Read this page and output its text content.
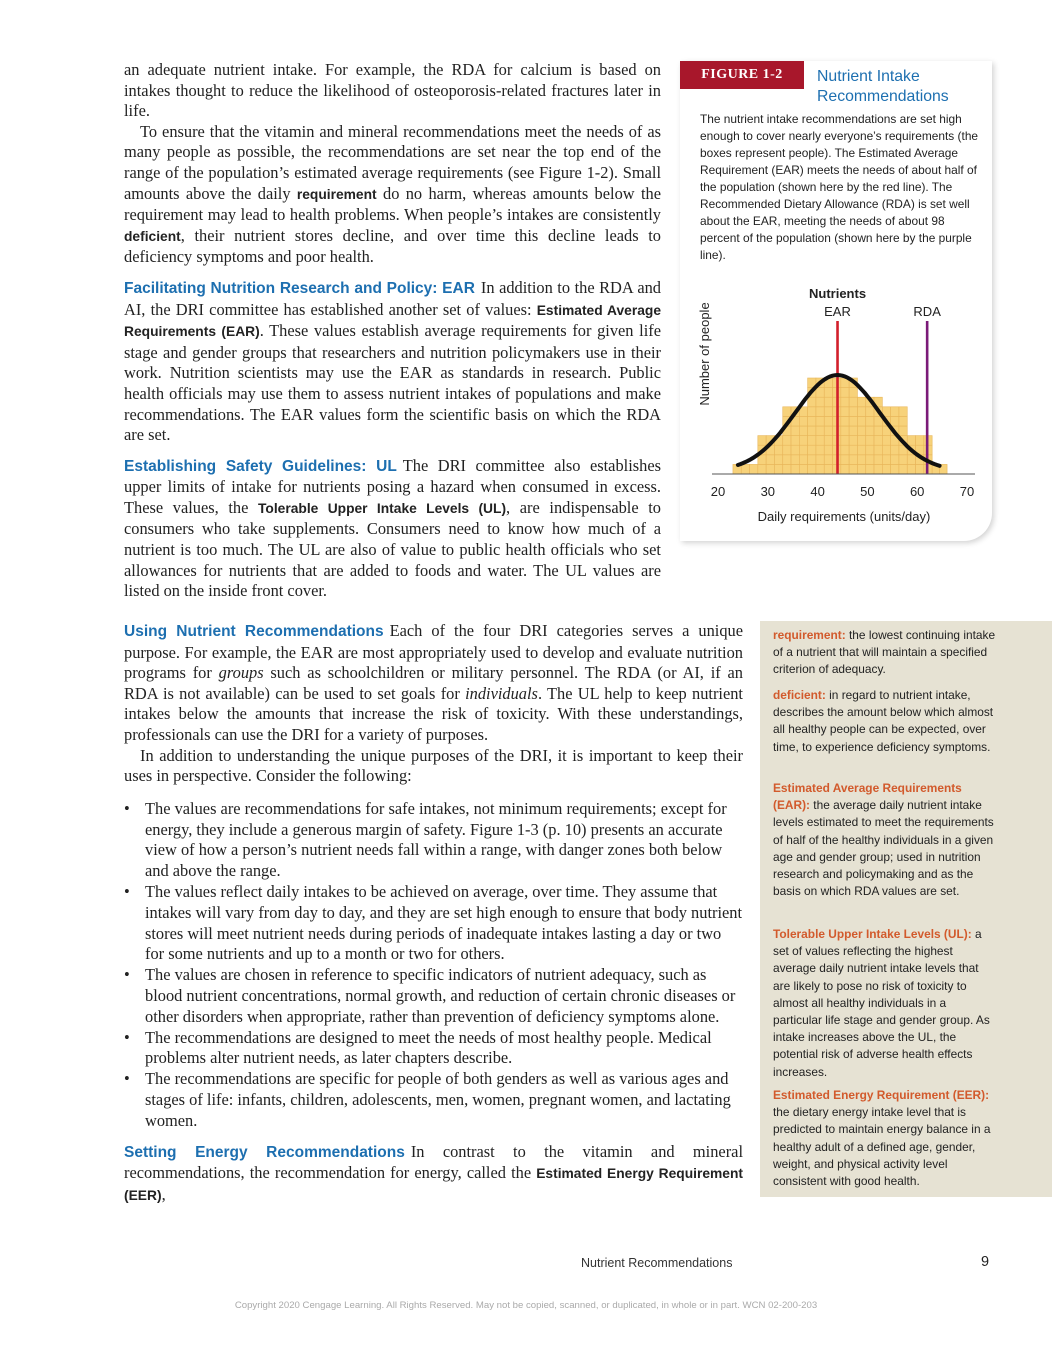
an adequate nutrient intake. For example, the RDA for calcium is based on intakes thought to reduce the likelihood of osteoporosis-related fractures later in life.

To ensure that the vitamin and mineral recommendations meet the needs of as many people as possible, the recommendations are set near the top end of the range of the population’s estimated average requirements (see Figure 1-2). Small amounts above the daily requirement do no harm, whereas amounts below the requirement may lead to health problems. When people’s intakes are consistently deficient, their nutrient stores decline, and over time this decline leads to deficiency symptoms and poor health.

Facilitating Nutrition Research and Policy: EAR In addition to the RDA and AI, the DRI committee has established another set of values: Estimated Average Requirements (EAR). These values establish average requirements for given life stage and gender groups that researchers and nutrition policymakers use in their work. Nutrition scientists may use the EAR as standards in research. Public health officials may use them to assess nutrient intakes of populations and make recommendations. The EAR values form the scientific basis on which the RDA are set.

Establishing Safety Guidelines: UL The DRI committee also establishes upper limits of intake for nutrients posing a hazard when consumed in excess. These values, the Tolerable Upper Intake Levels (UL), are indispensable to consumers who take supplements. Consumers need to know how much of a nutrient is too much. The UL are also of value to public health officials who set allowances for nutrients that are added to foods and water. The UL values are listed on the inside front cover.

FIGURE 1-2	Nutrient Intake Recommendations
The nutrient intake recommendations are set high enough to cover nearly everyone’s requirements (the boxes represent people). The Estimated Average Requirement (EAR) meets the needs of about half of the population (shown here by the red line). The Recommended Dietary Allowance (RDA) is set well about the EAR, meeting the needs of about 98 percent of the population (shown here by the purple line).
Number of people
20	30	40	50	60	70
Daily requirements (units/day)
EAR
Nutrients
RDA

Using Nutrient Recommendations Each of the four DRI categories serves a unique purpose. For example, the EAR are most appropriately used to develop and evaluate nutrition programs for groups such as schoolchildren or military personnel. The RDA (or AI, if an RDA is not available) can be used to set goals for individuals. The UL help to keep nutrient intakes below the amounts that increase the risk of toxicity. With these understandings, professionals can use the DRI for a variety of purposes.

In addition to understanding the unique purposes of the DRI, it is important to keep their uses in perspective. Consider the following:

• The values are recommendations for safe intakes, not minimum requirements; except for energy, they include a generous margin of safety. Figure 1-3 (p. 10) presents an accurate view of how a person’s nutrient needs fall within a range, with danger zones both below and above the range.
• The values reflect daily intakes to be achieved on average, over time. They assume that intakes will vary from day to day, and they are set high enough to ensure that body nutrient stores will meet nutrient needs during periods of inadequate intakes lasting a day or two for some nutrients and up to a month or two for others.
• The values are chosen in reference to specific indicators of nutrient adequacy, such as blood nutrient concentrations, normal growth, and reduction of certain chronic diseases or other disorders when appropriate, rather than prevention of deficiency symptoms alone.
• The recommendations are designed to meet the needs of most healthy people. Medical problems alter nutrient needs, as later chapters describe.
• The recommendations are specific for people of both genders as well as various ages and stages of life: infants, children, adolescents, men, women, pregnant women, and lactating women.

Setting Energy Recommendations In contrast to the vitamin and mineral recommendations, the recommendation for energy, called the Estimated Energy Requirement (EER),

requirement: the lowest continuing intake of a nutrient that will maintain a specified criterion of adequacy.
deficient: in regard to nutrient intake, describes the amount below which almost all healthy people can be expected, over time, to experience deficiency symptoms.
Estimated Average Requirements (EAR): the average daily nutrient intake levels estimated to meet the requirements of half of the healthy individuals in a given age and gender group; used in nutrition research and policymaking and as the basis on which RDA values are set.
Tolerable Upper Intake Levels (UL): a set of values reflecting the highest average daily nutrient intake levels that are likely to pose no risk of toxicity to almost all healthy individuals in a particular life stage and gender group. As intake increases above the UL, the potential risk of adverse health effects increases.
Estimated Energy Requirement (EER): the dietary energy intake level that is predicted to maintain energy balance in a healthy adult of a defined age, gender, weight, and physical activity level consistent with good health.
Nutrient Recommendations	9
Copyright 2020 Cengage Learning. All Rights Reserved. May not be copied, scanned, or duplicated, in whole or in part. WCN 02-200-203
